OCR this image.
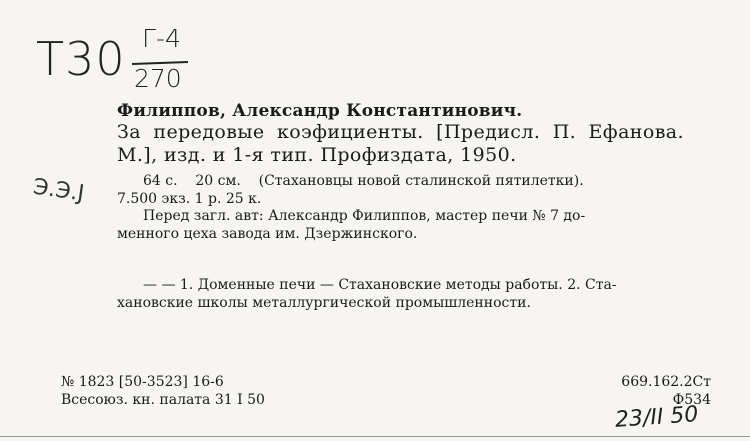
Т30 Г-4
270
Э.Э.Ј
Филиппов, Александр Константинович.
За передовые коэфициенты. [Предисл. П. Ефанова.
М.], изд. и 1-я тип. Профиздата, 1950.
64 с.    20 см.    (Стахановцы новой сталинской пятилетки).
7.500 экз. 1 р. 25 к.
Перед загл. авт: Александр Филиппов, мастер печи № 7 до-
менного цеха завода им. Дзержинского.
— — 1. Доменные печи — Стахановские методы работы. 2. Ста-
хановские школы металлургической промышленности.
№ 1823 [50-3523] 16-6
Всесоюз. кн. палата 31 I 50
669.162.2Ст
Ф534
23/II 50
